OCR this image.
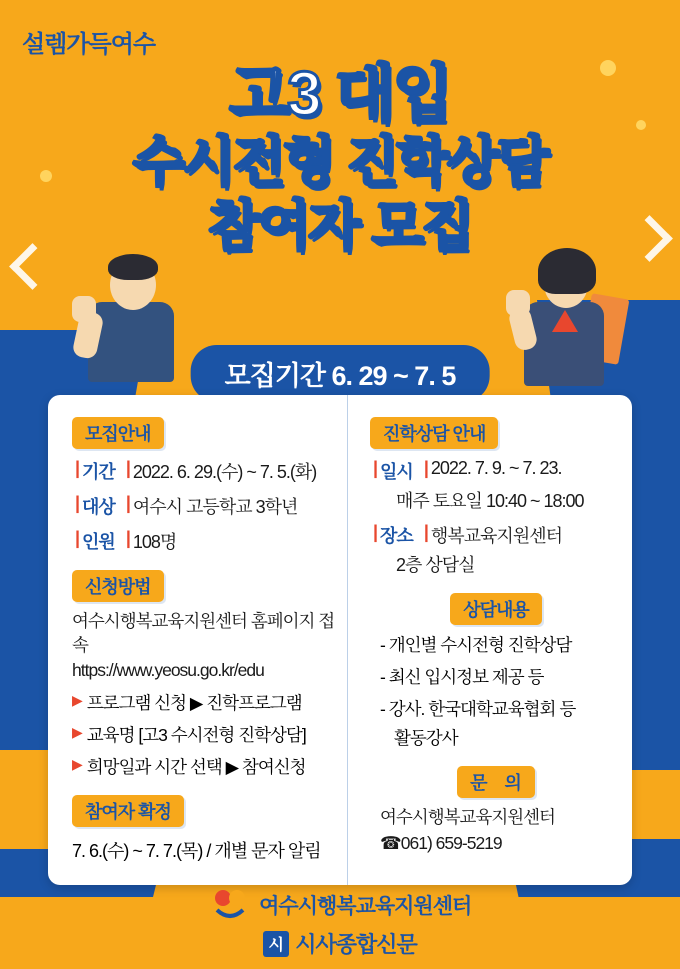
설렘가득여수
고3 대입
수시전형 진학상담
참여자 모집
모집기간 6. 29 ~ 7. 5
모집안내
| 기간 | 2022. 6. 29.(수) ~ 7. 5.(화)
| 대상 | 여수시 고등학교 3학년
| 인원 | 108명
신청방법
여수시행복교육지원센터 홈페이지 접속
https://www.yeosu.go.kr/edu
▶ 프로그램 신청 ▶ 진학프로그램
▶ 교육명 [고3 수시전형 진학상담]
▶ 희망일과 시간 선택 ▶ 참여신청
참여자 확정
7. 6.(수) ~ 7. 7.(목) / 개별 문자 알림
진학상담 안내
| 일시 | 2022. 7. 9. ~ 7. 23.
매주 토요일 10:40 ~ 18:00
| 장소 | 행복교육지원센터
2층 상담실
상담내용
- 개인별 수시전형 진학상담
- 최신 입시정보 제공 등
- 강사. 한국대학교육협회 등
활동강사
문 의
여수시행복교육지원센터
☎061) 659-5219
여수시행복교육지원센터
시 시사종합신문
